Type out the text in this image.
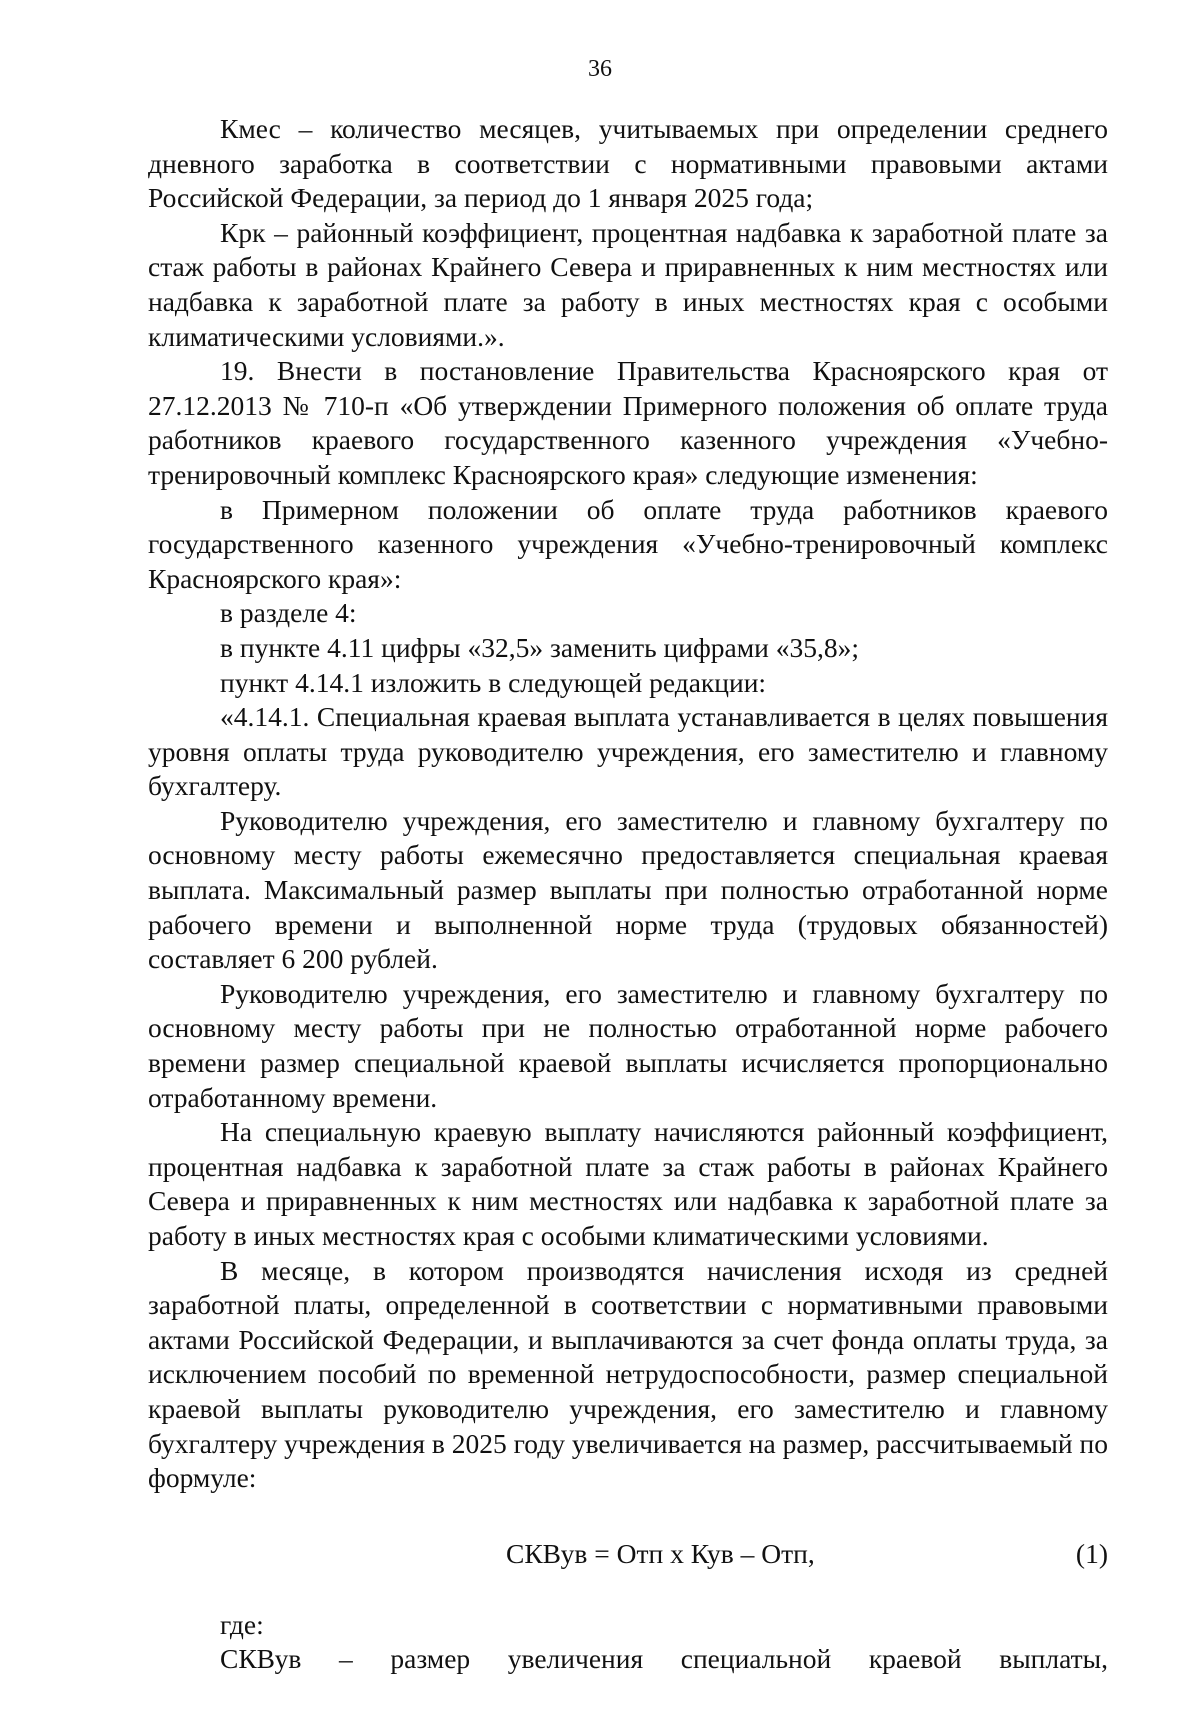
36

Кмес – количество месяцев, учитываемых при определении среднего дневного заработка в соответствии с нормативными правовыми актами Российской Федерации, за период до 1 января 2025 года;

Крк – районный коэффициент, процентная надбавка к заработной плате за стаж работы в районах Крайнего Севера и приравненных к ним местностях или надбавка к заработной плате за работу в иных местностях края с особыми климатическими условиями.».

19. Внести в постановление Правительства Красноярского края от 27.12.2013 № 710-п «Об утверждении Примерного положения об оплате труда работников краевого государственного казенного учреждения «Учебно-тренировочный комплекс Красноярского края» следующие изменения:

в Примерном положении об оплате труда работников краевого государственного казенного учреждения «Учебно-тренировочный комплекс Красноярского края»:

в разделе 4:

в пункте 4.11 цифры «32,5» заменить цифрами «35,8»;

пункт 4.14.1 изложить в следующей редакции:

«4.14.1. Специальная краевая выплата устанавливается в целях повышения уровня оплаты труда руководителю учреждения, его заместителю и главному бухгалтеру.

Руководителю учреждения, его заместителю и главному бухгалтеру по основному месту работы ежемесячно предоставляется специальная краевая выплата. Максимальный размер выплаты при полностью отработанной норме рабочего времени и выполненной норме труда (трудовых обязанностей) составляет 6 200 рублей.

Руководителю учреждения, его заместителю и главному бухгалтеру по основному месту работы при не полностью отработанной норме рабочего времени размер специальной краевой выплаты исчисляется пропорционально отработанному времени.

На специальную краевую выплату начисляются районный коэффициент, процентная надбавка к заработной плате за стаж работы в районах Крайнего Севера и приравненных к ним местностях или надбавка к заработной плате за работу в иных местностях края с особыми климатическими условиями.

В месяце, в котором производятся начисления исходя из средней заработной платы, определенной в соответствии с нормативными правовыми актами Российской Федерации, и выплачиваются за счет фонда оплаты труда, за исключением пособий по временной нетрудоспособности, размер специальной краевой выплаты руководителю учреждения, его заместителю и главному бухгалтеру учреждения в 2025 году увеличивается на размер, рассчитываемый по формуле:

СКВув = Отп х Кув – Отп,	(1)

где:

СКВув – размер увеличения специальной краевой выплаты,
